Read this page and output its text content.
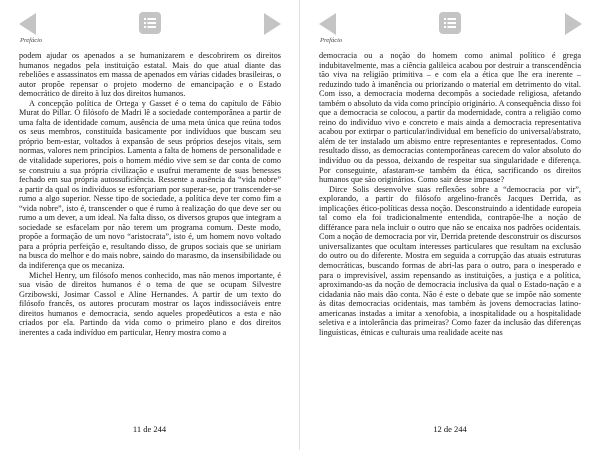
Prefácio

podem ajudar os apenados a se humanizarem e descobrirem os direitos humanos negados pela instituição estatal. Mais do que atual diante das rebeliões e assassinatos em massa de apenados em várias cidades brasileiras, o autor propõe repensar o projeto moderno de emancipação e o Estado democrático de direito à luz dos direitos humanos.

A concepção política de Ortega y Gasset é o tema do capítulo de Fábio Murat do Pillar. O filósofo de Madri lê a sociedade contemporânea a partir de uma falta de identidade comum, ausência de uma meta única que reúna todos os seus membros, constituída basicamente por indivíduos que buscam seu próprio bem-estar, voltados à expansão de seus próprios desejos vitais, sem normas, valores nem princípios. Lamenta a falta de homens de personalidade e de vitalidade superiores, pois o homem médio vive sem se dar conta de como se construiu a sua própria civilização e usufrui meramente de suas benesses fechado em sua própria autossuficiência. Ressente a ausência da “vida nobre” a partir da qual os indivíduos se esforçariam por superar-se, por transcender-se rumo a algo superior. Nesse tipo de sociedade, a política deve ter como fim a “vida nobre”, isto é, transcender o que é rumo à realização do que deve ser ou rumo a um dever, a um ideal. Na falta disso, os diversos grupos que integram a sociedade se esfacelam por não terem um programa comum. Deste modo, propõe a formação de um novo “aristocrata”, isto é, um homem novo voltado para a própria perfeição e, resultando disso, de grupos sociais que se uniriam na busca do melhor e do mais nobre, saindo do marasmo, da insensibilidade ou da indiferença que os mecaniza.

Michel Henry, um filósofo menos conhecido, mas não menos importante, é sua visão de direitos humanos é o tema de que se ocupam Silvestre Grzibowski, Josimar Cassol e Aline Hernandes. A partir de um texto do filósofo francês, os autores procuram mostrar os laços indissociáveis entre direitos humanos e democracia, sendo aqueles propedêuticos a esta e não criados por ela. Partindo da vida como o primeiro plano e dos direitos inerentes a cada indivíduo em particular, Henry mostra como a

11 de 244
Prefácio

democracia ou a noção do homem como animal político é grega indubitavelmente, mas a ciência galileica acabou por destruir a transcendência tão viva na religião primitiva – e com ela a ética que lhe era inerente – reduzindo tudo à imanência ou priorizando o material em detrimento do vital. Com isso, a democracia moderna decompõs a sociedade religiosa, afetando também o absoluto da vida como princípio originário. A consequência disso foi que a democracia se colocou, a partir da modernidade, contra a religião como reino do indivíduo vivo e concreto e mais ainda a democracia representativa acabou por extirpar o particular/individual em benefício do universal/abstrato, além de ter instalado um abismo entre representantes e representados. Como resultado disso, as democracias contemporâneas carecem do valor absoluto do indivíduo ou da pessoa, deixando de respeitar sua singularidade e diferença. Por conseguinte, afastaram-se também da ética, sacrificando os direitos humanos que são originários. Como sair desse impasse?

Dirce Solis desenvolve suas reflexões sobre a “democracia por vir”, explorando, a partir do filósofo argelino-francês Jacques Derrida, as implicações ético-políticas dessa noção. Desconstruindo a identidade europeia tal como ela foi tradicionalmente entendida, contrapõe-lhe a noção de différance para nela incluir o outro que não se encaixa nos padrões ocidentais. Com a noção de democracia por vir, Derrida pretende desconstruir os discursos universalizantes que ocultam interesses particulares que resultam na exclusão do outro ou do diferente. Mostra em seguida a corrupção das atuais estruturas democráticas, buscando formas de abri-las para o outro, para o inesperado e para o imprevisível, assim repensando as instituições, a justiça e a política, aproximando-as da noção de democracia inclusiva da qual o Estado-nação e a cidadania não mais dão conta. Não é este o debate que se impõe não somente às ditas democracias ocidentais, mas também às jovens democracias latino-americanas instadas a imitar a xenofobia, a inospitalidade ou a hospitalidade seletiva e a intolerância das primeiras? Como fazer da inclusão das diferenças linguísticas, étnicas e culturais uma realidade aceite nas

12 de 244
